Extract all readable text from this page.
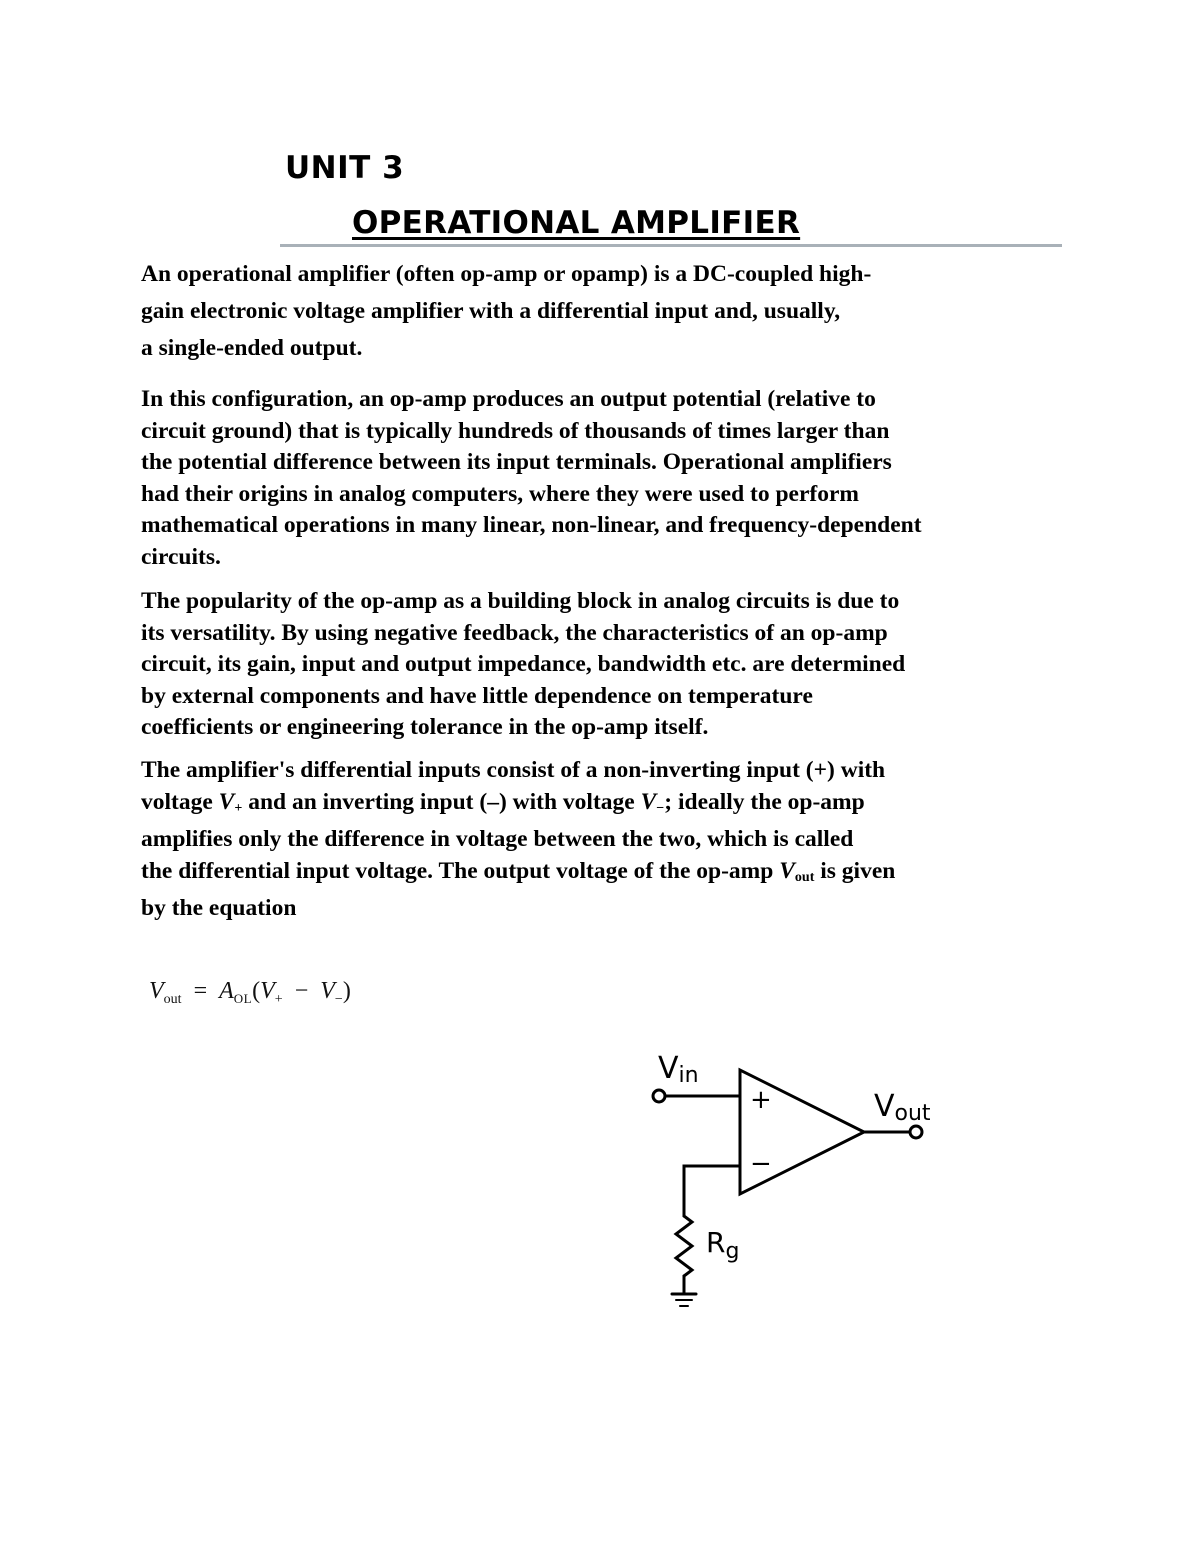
UNIT 3
OPERATIONAL AMPLIFIER

An operational amplifier (often op-amp or opamp) is a DC-coupled high-
gain electronic voltage amplifier with a differential input and, usually,
a single-ended output.

In this configuration, an op-amp produces an output potential (relative to
circuit ground) that is typically hundreds of thousands of times larger than
the potential difference between its input terminals. Operational amplifiers
had their origins in analog computers, where they were used to perform
mathematical operations in many linear, non-linear, and frequency-dependent
circuits.

The popularity of the op-amp as a building block in analog circuits is due to
its versatility. By using negative feedback, the characteristics of an op-amp
circuit, its gain, input and output impedance, bandwidth etc. are determined
by external components and have little dependence on temperature
coefficients or engineering tolerance in the op-amp itself.

The amplifier's differential inputs consist of a non-inverting input (+) with
voltage $V_+$ and an inverting input (–) with voltage $V_-$; ideally the op-amp
amplifies only the difference in voltage between the two, which is called
the differential input voltage. The output voltage of the op-amp $V_{out}$ is given
by the equation

$V_{out} = A_{OL}(V_+ - V_-)$
+
−
Vin
Vout
$R_g$
